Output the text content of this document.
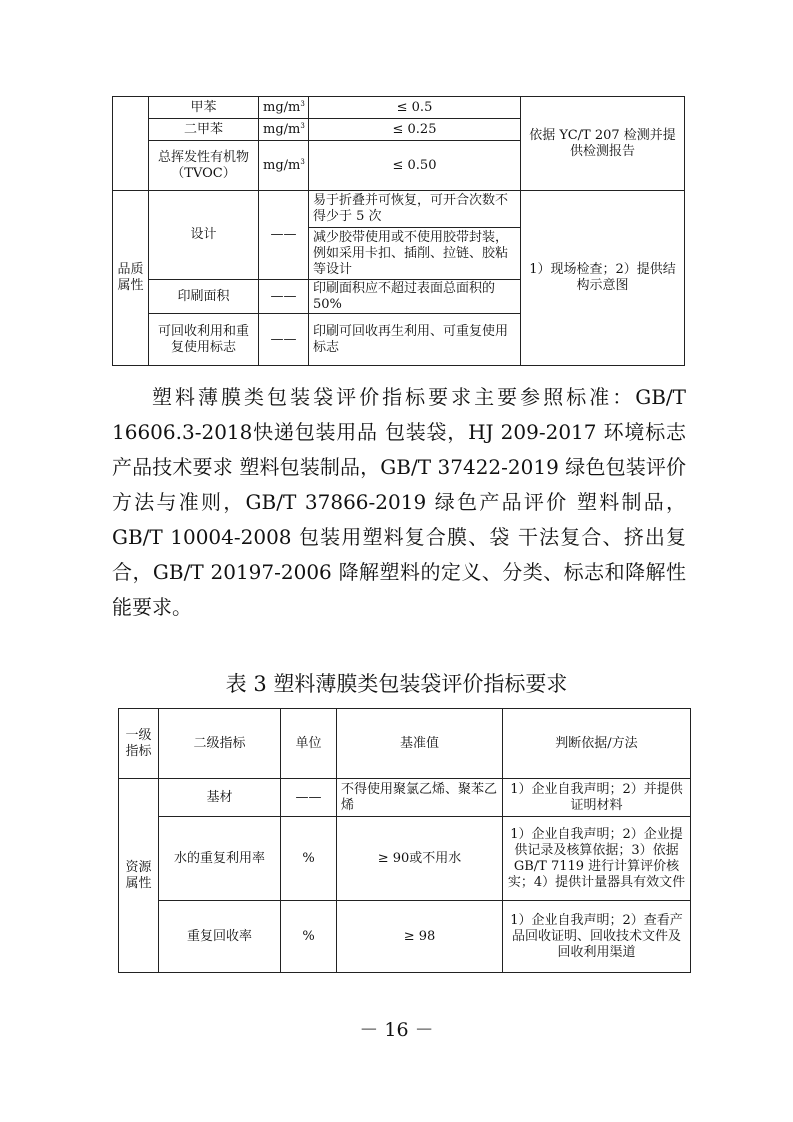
	甲苯	$mg/m^3$	≤ 0.5	依据 YC/T 207 检测并提供检测报告
	二甲苯	$mg/m^3$	≤ 0.25	
	总挥发性有机物（TVOC）	$mg/m^3$	≤ 0.50	
品质属性	设计	——	易于折叠并可恢复，可开合次数不得少于 5 次	1）现场检查；2）提供结构示意图
			减少胶带使用或不使用胶带封装，例如采用卡扣、插削、拉链、胶粘等设计	
	印刷面积	——	印刷面积应不超过表面总面积的 50%	
	可回收利用和重复使用标志	——	印刷可回收再生利用、可重复使用标志	

塑料薄膜类包装袋评价指标要求主要参照标准：GB/T 16606.3-2018快递包装用品 包装袋，HJ 209-2017 环境标志产品技术要求 塑料包装制品，GB/T 37422-2019 绿色包装评价方法与准则，GB/T 37866-2019 绿色产品评价 塑料制品，GB/T 10004-2008 包装用塑料复合膜、袋 干法复合、挤出复合，GB/T 20197-2006 降解塑料的定义、分类、标志和降解性能要求。

表 3 塑料薄膜类包装袋评价指标要求
一级指标	二级指标	单位	基准值	判断依据/方法
资源属性	基材	——	不得使用聚氯乙烯、聚苯乙烯	1）企业自我声明；2）并提供证明材料
	水的重复利用率	%	≥ 90或不用水	1）企业自我声明；2）企业提供记录及核算依据；3）依据 GB/T 7119 进行计算评价核实；4）提供计量器具有效文件
	重复回收率	%	≥ 98	1）企业自我声明；2）查看产品回收证明、回收技术文件及回收利用渠道
－ 16 －
